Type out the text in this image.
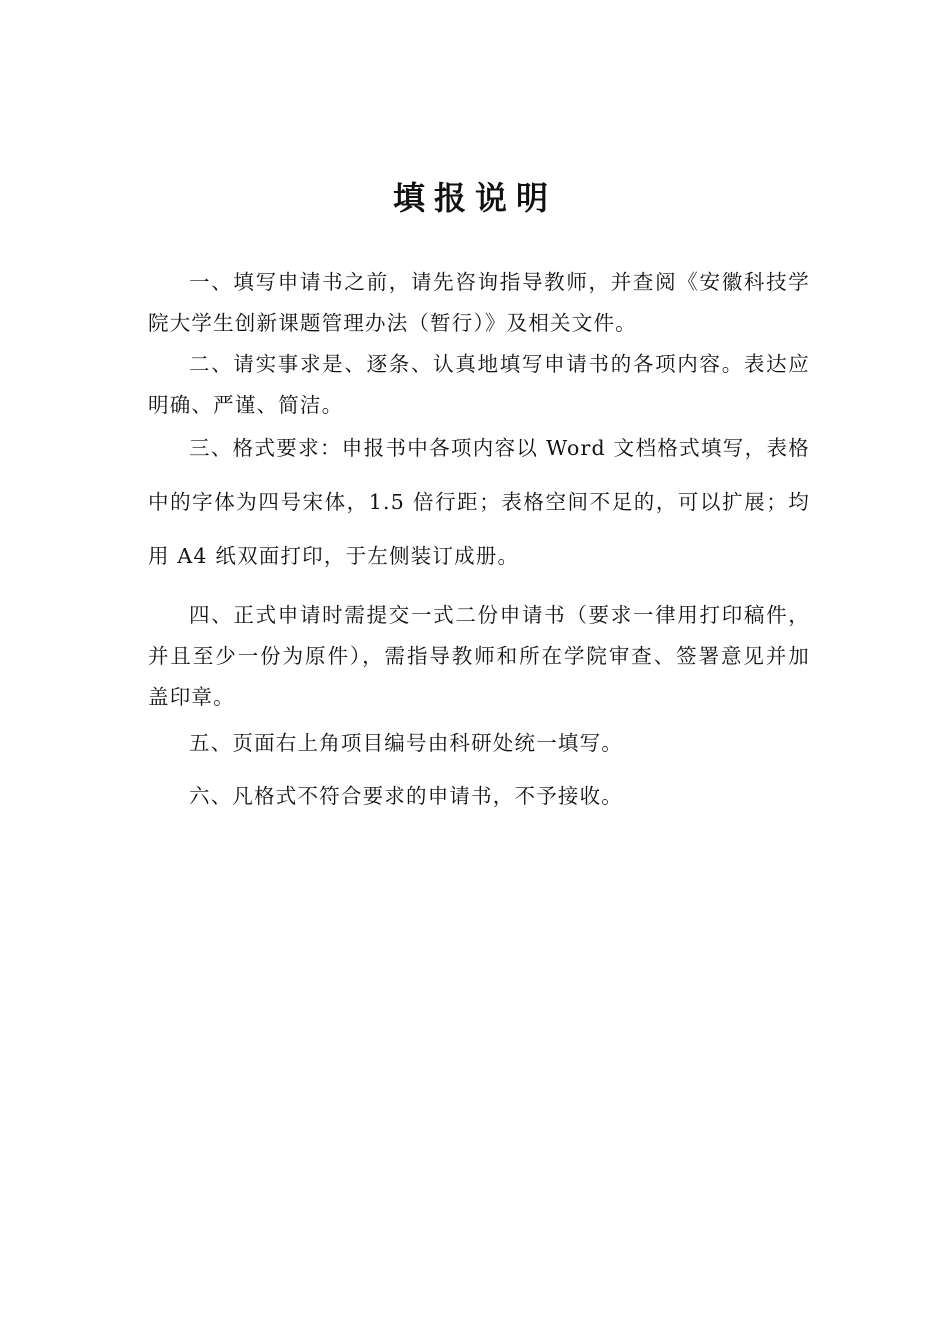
填报说明

一、填写申请书之前，请先咨询指导教师，并查阅《安徽科技学院大学生创新课题管理办法（暂行）》及相关文件。

二、请实事求是、逐条、认真地填写申请书的各项内容。表达应明确、严谨、简洁。

三、格式要求：申报书中各项内容以 Word 文档格式填写，表格中的字体为四号宋体，1.5 倍行距；表格空间不足的，可以扩展；均用 A4 纸双面打印，于左侧装订成册。

四、正式申请时需提交一式二份申请书（要求一律用打印稿件，并且至少一份为原件），需指导教师和所在学院审查、签署意见并加盖印章。

五、页面右上角项目编号由科研处统一填写。

六、凡格式不符合要求的申请书，不予接收。
